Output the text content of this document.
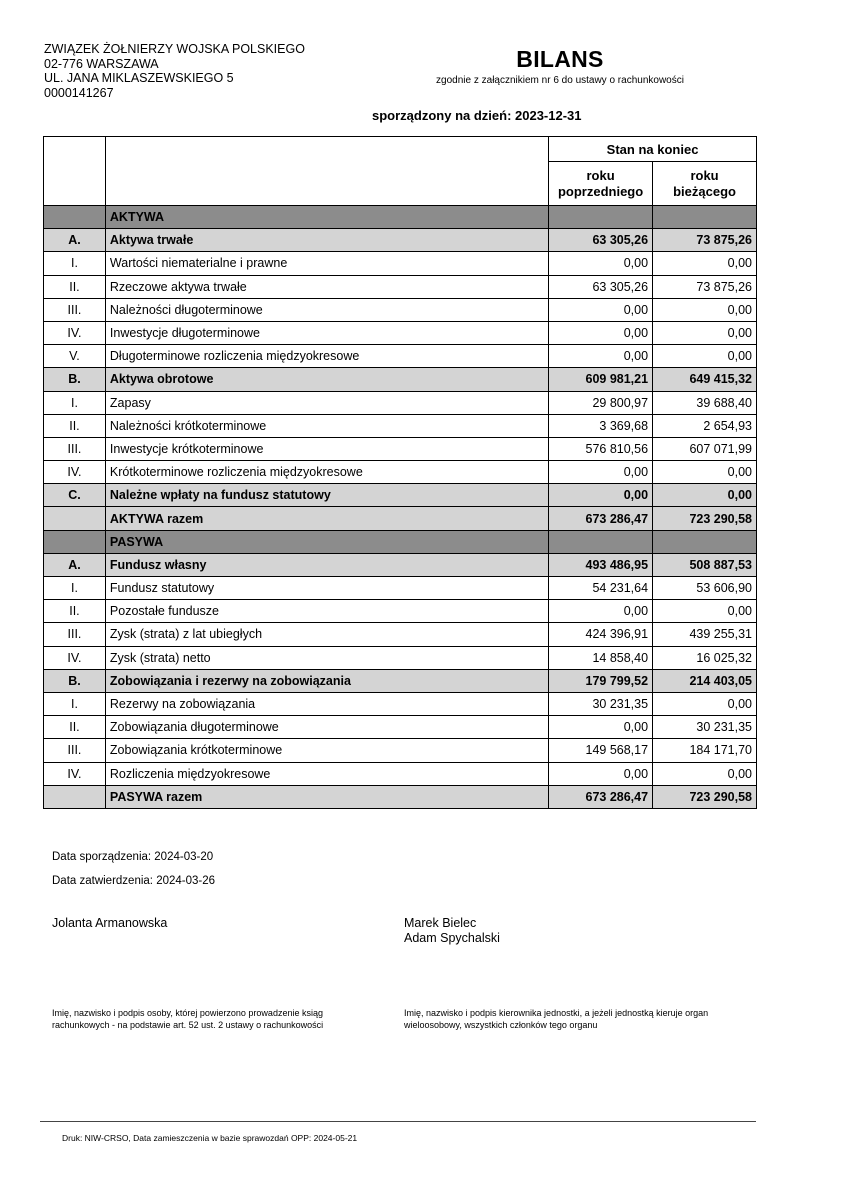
ZWIĄZEK ŻOŁNIERZY WOJSKA POLSKIEGO
02-776 WARSZAWA
UL. JANA MIKLASZEWSKIEGO 5
0000141267
BILANS
zgodnie z załącznikiem nr 6 do ustawy o rachunkowości
sporządzony na dzień: 2023-12-31
		Stan na koniec	
		roku
poprzedniego	roku
bieżącego
	AKTYWA		
A.	Aktywa trwałe	63 305,26	73 875,26
I.	Wartości niematerialne i prawne	0,00	0,00
II.	Rzeczowe aktywa trwałe	63 305,26	73 875,26
III.	Należności długoterminowe	0,00	0,00
IV.	Inwestycje długoterminowe	0,00	0,00
V.	Długoterminowe rozliczenia międzyokresowe	0,00	0,00
B.	Aktywa obrotowe	609 981,21	649 415,32
I.	Zapasy	29 800,97	39 688,40
II.	Należności krótkoterminowe	3 369,68	2 654,93
III.	Inwestycje krótkoterminowe	576 810,56	607 071,99
IV.	Krótkoterminowe rozliczenia międzyokresowe	0,00	0,00
C.	Należne wpłaty na fundusz statutowy	0,00	0,00
	AKTYWA razem	673 286,47	723 290,58
	PASYWA		
A.	Fundusz własny	493 486,95	508 887,53
I.	Fundusz statutowy	54 231,64	53 606,90
II.	Pozostałe fundusze	0,00	0,00
III.	Zysk (strata) z lat ubiegłych	424 396,91	439 255,31
IV.	Zysk (strata) netto	14 858,40	16 025,32
B.	Zobowiązania i rezerwy na zobowiązania	179 799,52	214 403,05
I.	Rezerwy na zobowiązania	30 231,35	0,00
II.	Zobowiązania długoterminowe	0,00	30 231,35
III.	Zobowiązania krótkoterminowe	149 568,17	184 171,70
IV.	Rozliczenia międzyokresowe	0,00	0,00
	PASYWA razem	673 286,47	723 290,58
Data sporządzenia: 2024-03-20
Data zatwierdzenia: 2024-03-26
Jolanta Armanowska	Marek Bielec
Adam Spychalski
Imię, nazwisko i podpis osoby, której powierzono prowadzenie ksiąg
rachunkowych - na podstawie art. 52 ust. 2 ustawy o rachunkowości
Imię, nazwisko i podpis kierownika jednostki, a jeżeli jednostką kieruje organ
wieloosobowy, wszystkich członków tego organu
Druk: NIW-CRSO, Data zamieszczenia w bazie sprawozdań OPP: 2024-05-21
